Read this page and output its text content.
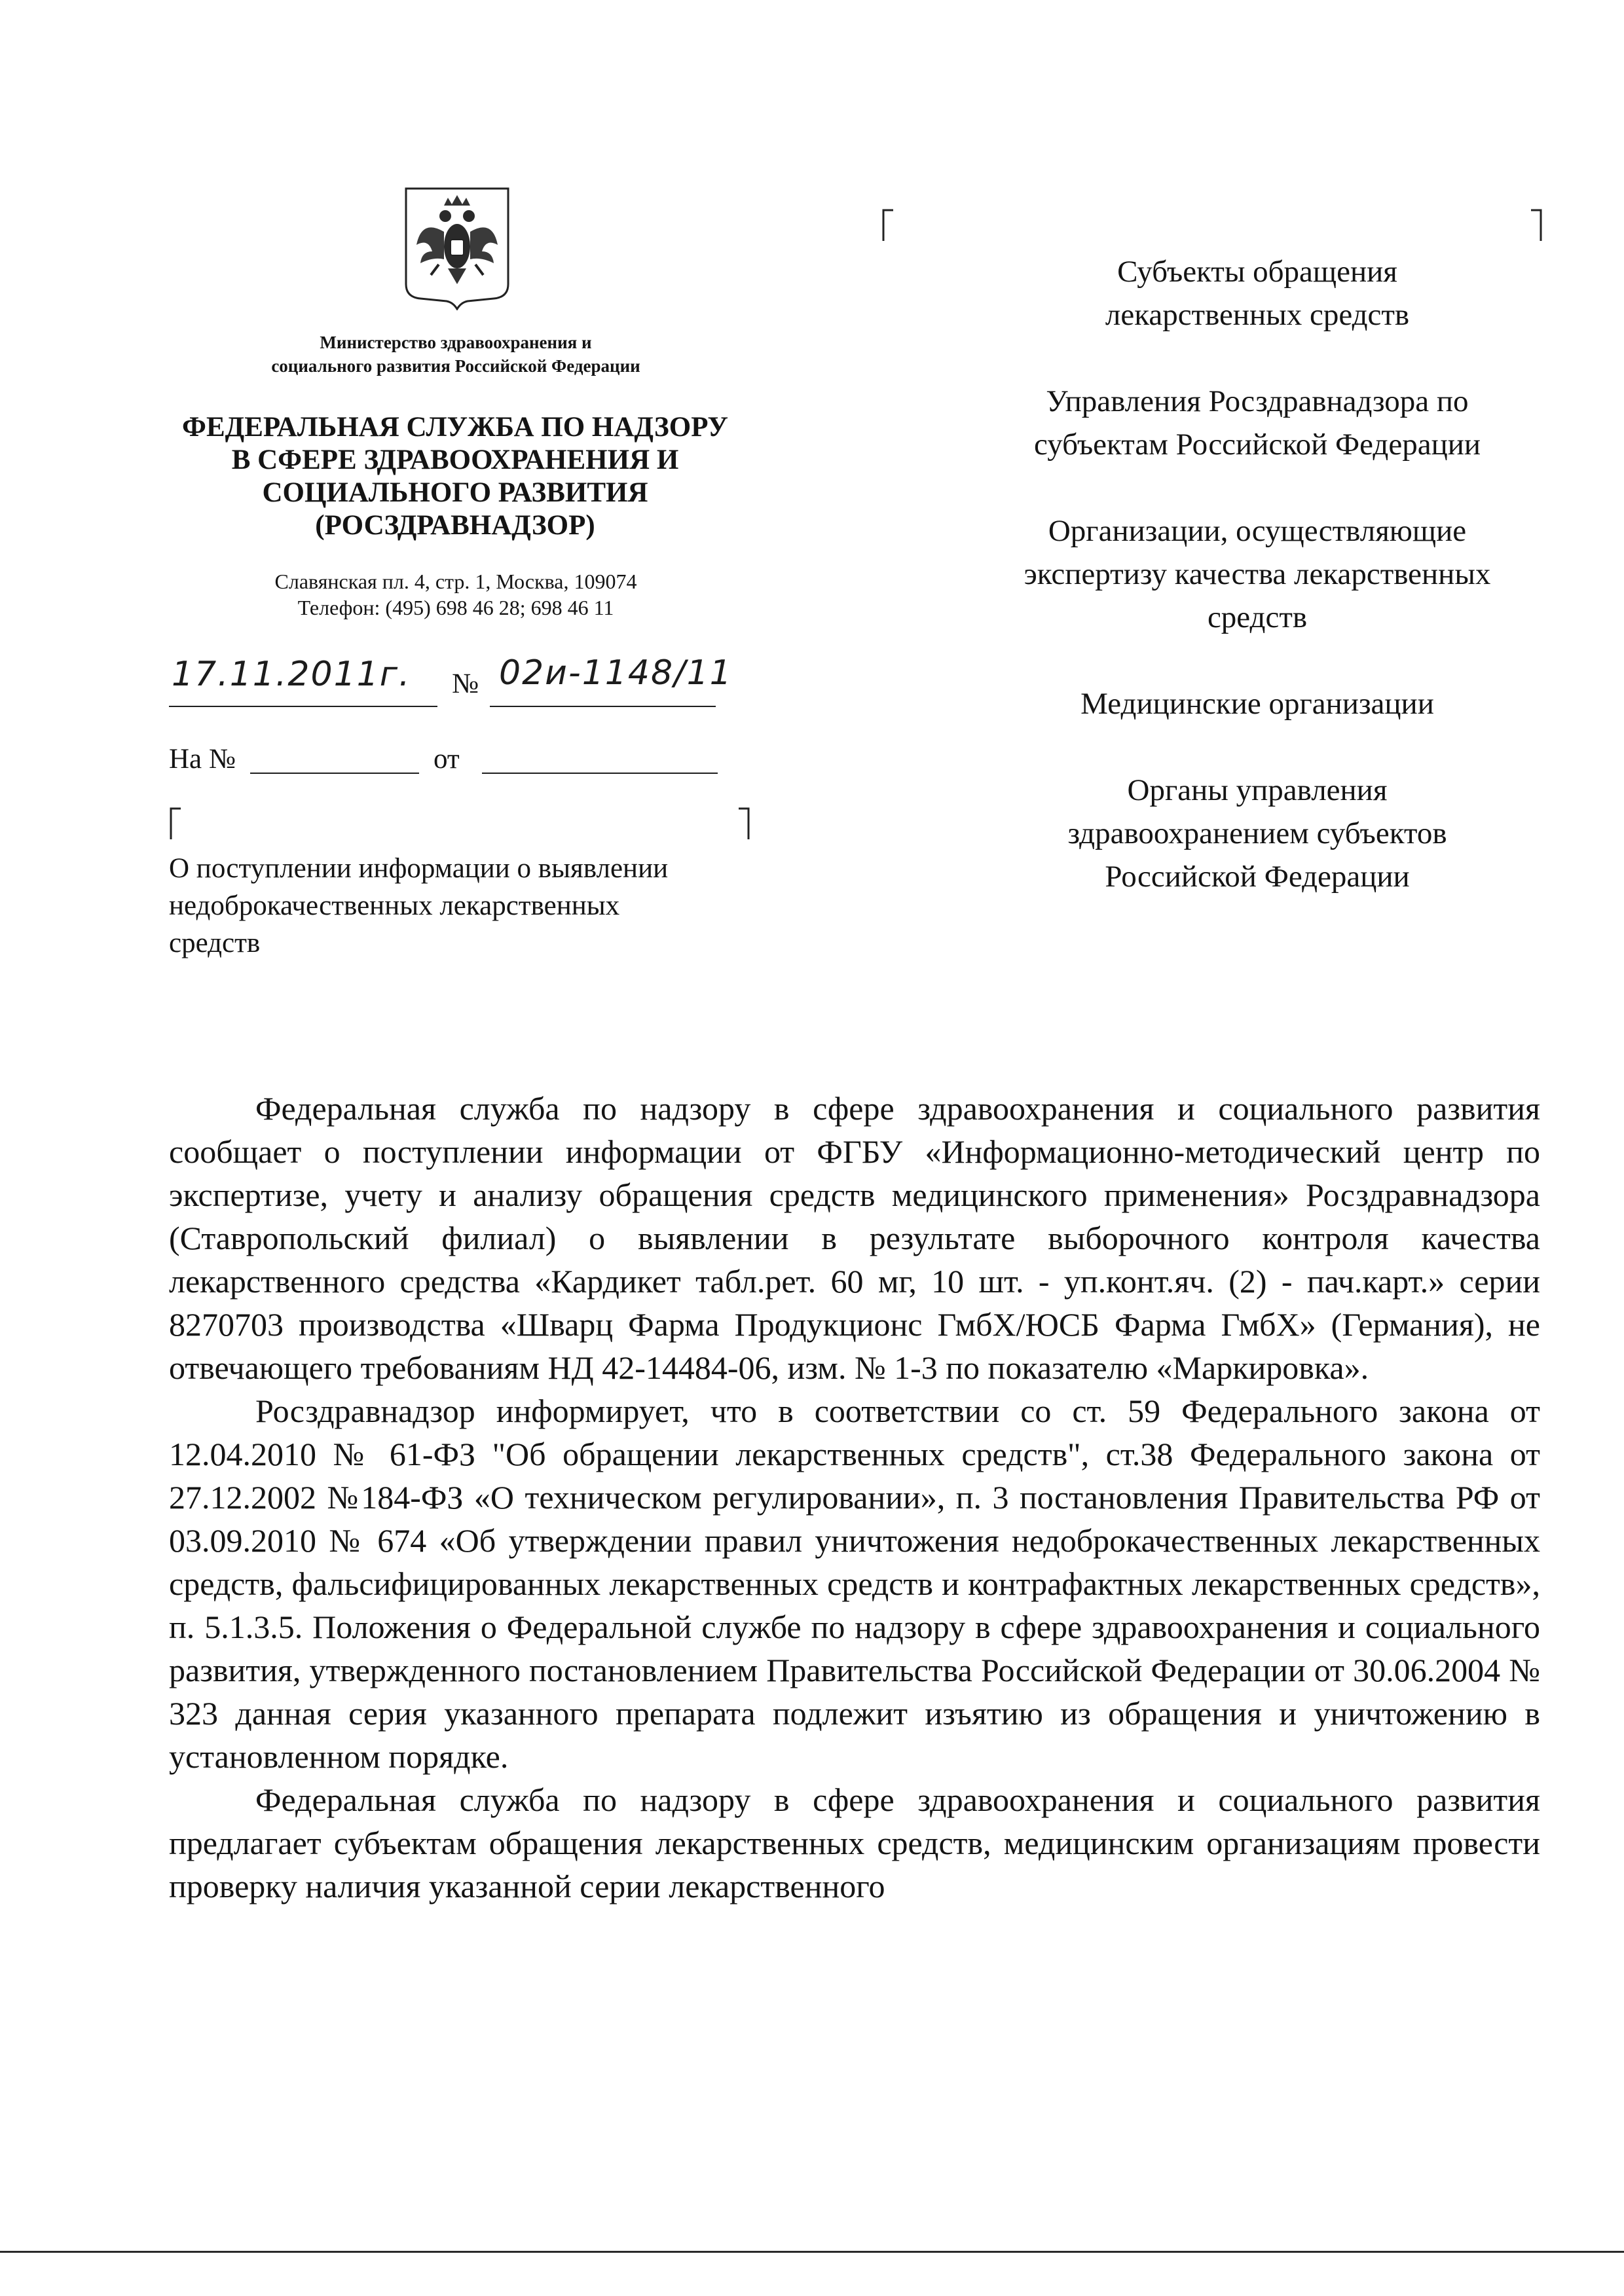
Министерство здравоохранения и
социального развития Российской Федерации
ФЕДЕРАЛЬНАЯ СЛУЖБА ПО НАДЗОРУ
В СФЕРЕ ЗДРАВООХРАНЕНИЯ И
СОЦИАЛЬНОГО РАЗВИТИЯ
(РОСЗДРАВНАДЗОР)
Славянская пл. 4, стр. 1, Москва, 109074
Телефон: (495) 698 46 28; 698 46 11
17.11.2011г. № 02и-1148/11
На №	от
О поступлении информации о выявлении
недоброкачественных лекарственных
средств
Субъекты обращения
лекарственных средств
Управления Росздравнадзора по
субъектам Российской Федерации
Организации, осуществляющие
экспертизу качества лекарственных
средств
Медицинские организации
Органы управления
здравоохранением субъектов
Российской Федерации

Федеральная служба по надзору в сфере здравоохранения и социального развития сообщает о поступлении информации от ФГБУ «Информационно-методический центр по экспертизе, учету и анализу обращения средств медицинского применения» Росздравнадзора (Ставропольский филиал) о выявлении в результате выборочного контроля качества лекарственного средства «Кардикет табл.рет. 60 мг, 10 шт. - уп.конт.яч. (2) - пач.карт.» серии 8270703 производства «Шварц Фарма Продукционс ГмбХ/ЮСБ Фарма ГмбХ» (Германия), не отвечающего требованиям НД 42-14484-06, изм. № 1-3 по показателю «Маркировка».

Росздравнадзор информирует, что в соответствии со ст. 59 Федерального закона от 12.04.2010 № 61-ФЗ "Об обращении лекарственных средств", ст.38 Федерального закона от 27.12.2002 №184-ФЗ «О техническом регулировании», п. 3 постановления Правительства РФ от 03.09.2010 № 674 «Об утверждении правил уничтожения недоброкачественных лекарственных средств, фальсифицированных лекарственных средств и контрафактных лекарственных средств», п. 5.1.3.5. Положения о Федеральной службе по надзору в сфере здравоохранения и социального развития, утвержденного постановлением Правительства Российской Федерации от 30.06.2004 № 323 данная серия указанного препарата подлежит изъятию из обращения и уничтожению в установленном порядке.

Федеральная служба по надзору в сфере здравоохранения и социального развития предлагает субъектам обращения лекарственных средств, медицинским организациям провести проверку наличия указанной серии лекарственного
